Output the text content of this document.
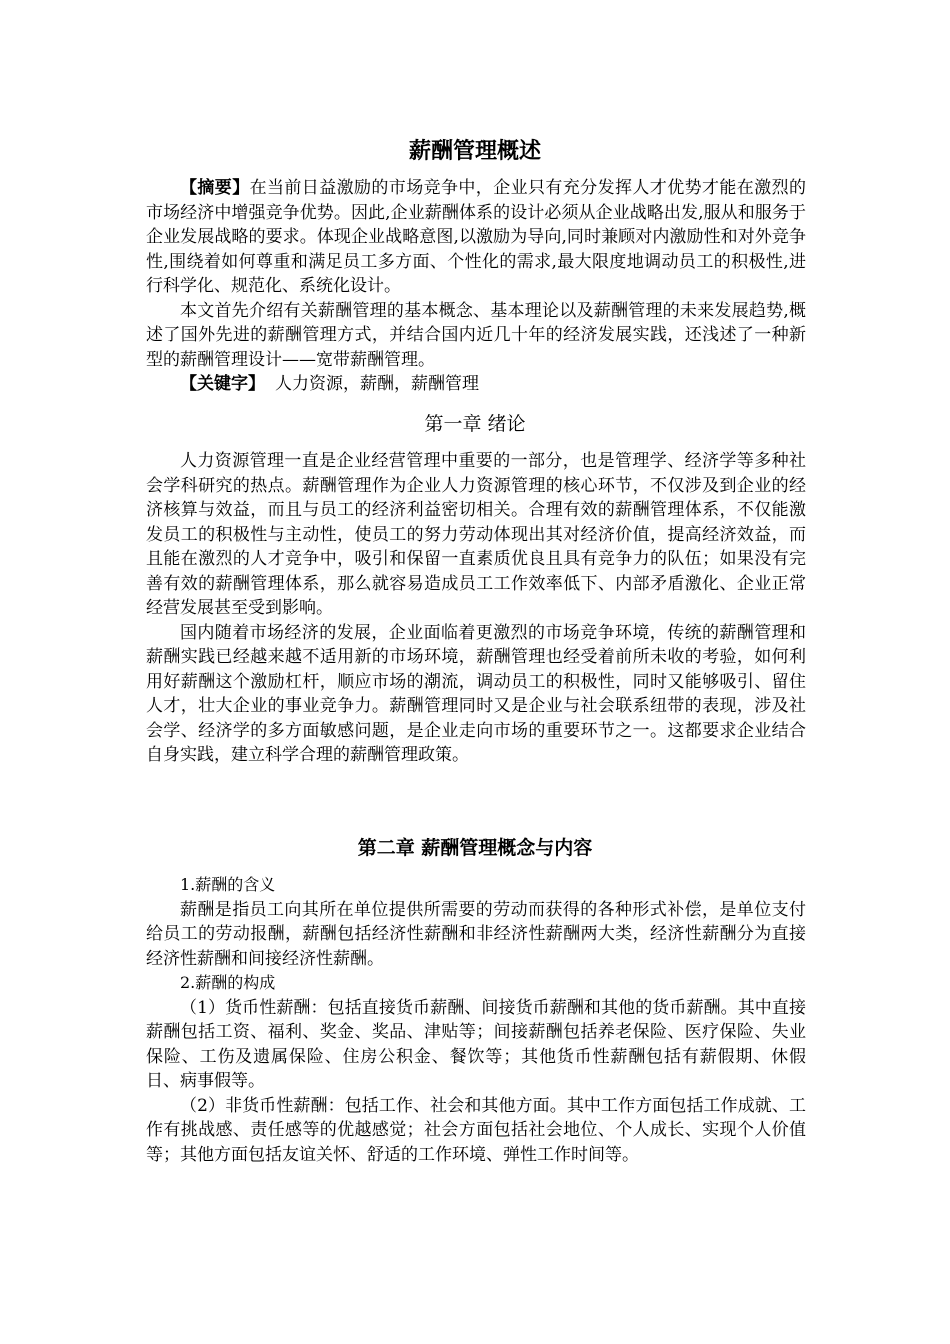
薪酬管理概述

【摘要】在当前日益激励的市场竞争中，企业只有充分发挥人才优势才能在激烈的市场经济中增强竞争优势。因此,企业薪酬体系的设计必须从企业战略出发,服从和服务于企业发展战略的要求。体现企业战略意图,以激励为导向,同时兼顾对内激励性和对外竞争性,围绕着如何尊重和满足员工多方面、个性化的需求,最大限度地调动员工的积极性,进行科学化、规范化、系统化设计。

本文首先介绍有关薪酬管理的基本概念、基本理论以及薪酬管理的未来发展趋势,概述了国外先进的薪酬管理方式，并结合国内近几十年的经济发展实践，还浅述了一种新型的薪酬管理设计——宽带薪酬管理。

【关键字】 人力资源，薪酬，薪酬管理

第一章 绪论

人力资源管理一直是企业经营管理中重要的一部分，也是管理学、经济学等多种社会学科研究的热点。薪酬管理作为企业人力资源管理的核心环节，不仅涉及到企业的经济核算与效益，而且与员工的经济利益密切相关。合理有效的薪酬管理体系，不仅能激发员工的积极性与主动性，使员工的努力劳动体现出其对经济价值，提高经济效益，而且能在激烈的人才竞争中，吸引和保留一直素质优良且具有竞争力的队伍；如果没有完善有效的薪酬管理体系，那么就容易造成员工工作效率低下、内部矛盾激化、企业正常经营发展甚至受到影响。

国内随着市场经济的发展，企业面临着更激烈的市场竞争环境，传统的薪酬管理和薪酬实践已经越来越不适用新的市场环境，薪酬管理也经受着前所未收的考验，如何利用好薪酬这个激励杠杆，顺应市场的潮流，调动员工的积极性，同时又能够吸引、留住人才，壮大企业的事业竞争力。薪酬管理同时又是企业与社会联系纽带的表现，涉及社会学、经济学的多方面敏感问题，是企业走向市场的重要环节之一。这都要求企业结合自身实践，建立科学合理的薪酬管理政策。

第二章 薪酬管理概念与内容

1.薪酬的含义

薪酬是指员工向其所在单位提供所需要的劳动而获得的各种形式补偿，是单位支付给员工的劳动报酬，薪酬包括经济性薪酬和非经济性薪酬两大类，经济性薪酬分为直接经济性薪酬和间接经济性薪酬。

2.薪酬的构成

（1）货币性薪酬：包括直接货币薪酬、间接货币薪酬和其他的货币薪酬。其中直接薪酬包括工资、福利、奖金、奖品、津贴等；间接薪酬包括养老保险、医疗保险、失业保险、工伤及遗属保险、住房公积金、餐饮等；其他货币性薪酬包括有薪假期、休假日、病事假等。

（2）非货币性薪酬：包括工作、社会和其他方面。其中工作方面包括工作成就、工作有挑战感、责任感等的优越感觉；社会方面包括社会地位、个人成长、实现个人价值等；其他方面包括友谊关怀、舒适的工作环境、弹性工作时间等。
